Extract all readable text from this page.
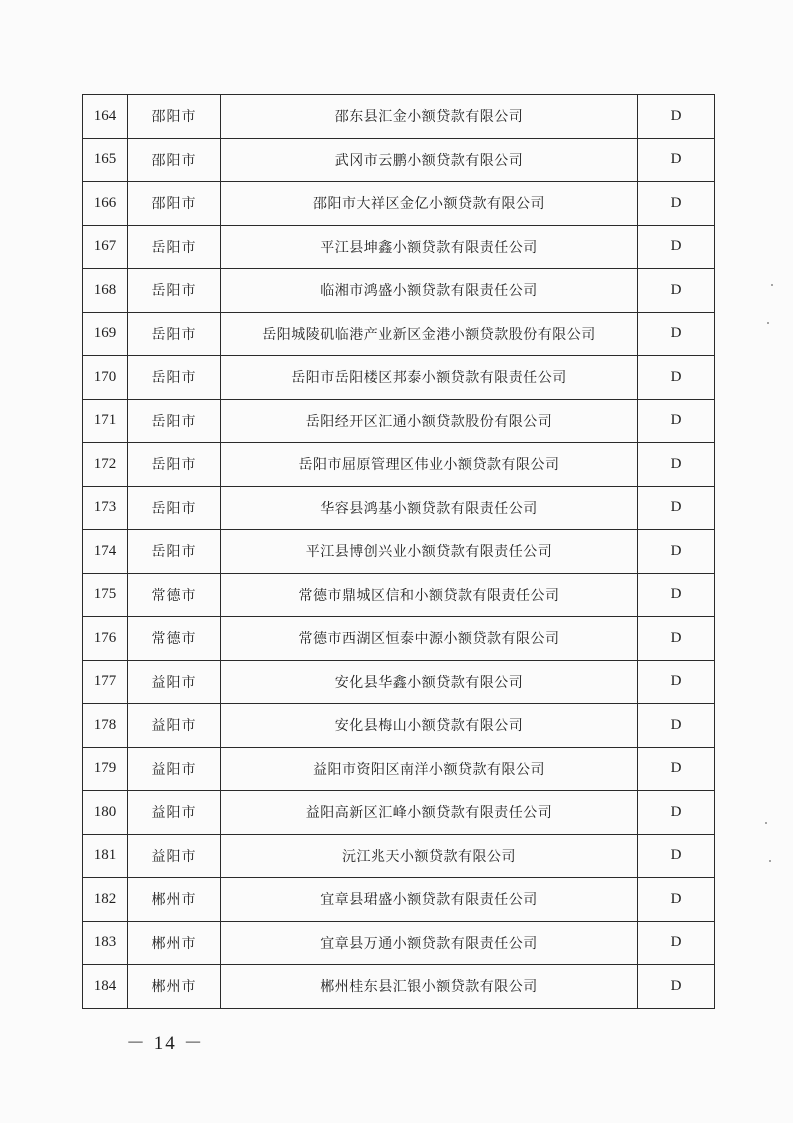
164	邵阳市	邵东县汇金小额贷款有限公司	D
165	邵阳市	武冈市云鹏小额贷款有限公司	D
166	邵阳市	邵阳市大祥区金亿小额贷款有限公司	D
167	岳阳市	平江县坤鑫小额贷款有限责任公司	D
168	岳阳市	临湘市鸿盛小额贷款有限责任公司	D
169	岳阳市	岳阳城陵矶临港产业新区金港小额贷款股份有限公司	D
170	岳阳市	岳阳市岳阳楼区邦泰小额贷款有限责任公司	D
171	岳阳市	岳阳经开区汇通小额贷款股份有限公司	D
172	岳阳市	岳阳市屈原管理区伟业小额贷款有限公司	D
173	岳阳市	华容县鸿基小额贷款有限责任公司	D
174	岳阳市	平江县博创兴业小额贷款有限责任公司	D
175	常德市	常德市鼎城区信和小额贷款有限责任公司	D
176	常德市	常德市西湖区恒泰中源小额贷款有限公司	D
177	益阳市	安化县华鑫小额贷款有限公司	D
178	益阳市	安化县梅山小额贷款有限公司	D
179	益阳市	益阳市资阳区南洋小额贷款有限公司	D
180	益阳市	益阳高新区汇峰小额贷款有限责任公司	D
181	益阳市	沅江兆天小额贷款有限公司	D
182	郴州市	宜章县珺盛小额贷款有限责任公司	D
183	郴州市	宜章县万通小额贷款有限责任公司	D
184	郴州市	郴州桂东县汇银小额贷款有限公司	D
－ 14 －
